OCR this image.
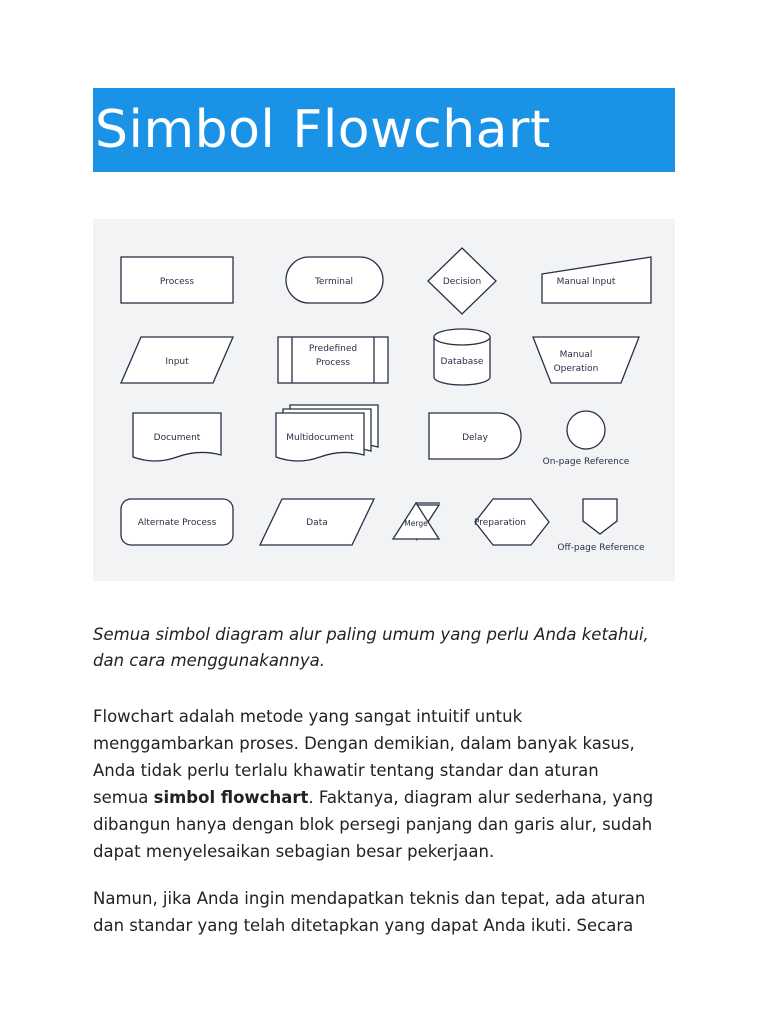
Simbol Flowchart
Process	Terminal	Decision	Manual Input
Input
Predefined
Process	Database
Manual
Operation
Document	Multidocument	Delay
On-page Reference
Alternate Process	Data	Merge	Preparation
Off-page Reference
Semua simbol diagram alur paling umum yang perlu Anda ketahui,
dan cara menggunakannya.
Flowchart adalah metode yang sangat intuitif untuk
menggambarkan proses. Dengan demikian, dalam banyak kasus,
Anda tidak perlu terlalu khawatir tentang standar dan aturan
semua simbol flowchart. Faktanya, diagram alur sederhana, yang
dibangun hanya dengan blok persegi panjang dan garis alur, sudah
dapat menyelesaikan sebagian besar pekerjaan.
Namun, jika Anda ingin mendapatkan teknis dan tepat, ada aturan
dan standar yang telah ditetapkan yang dapat Anda ikuti. Secara
